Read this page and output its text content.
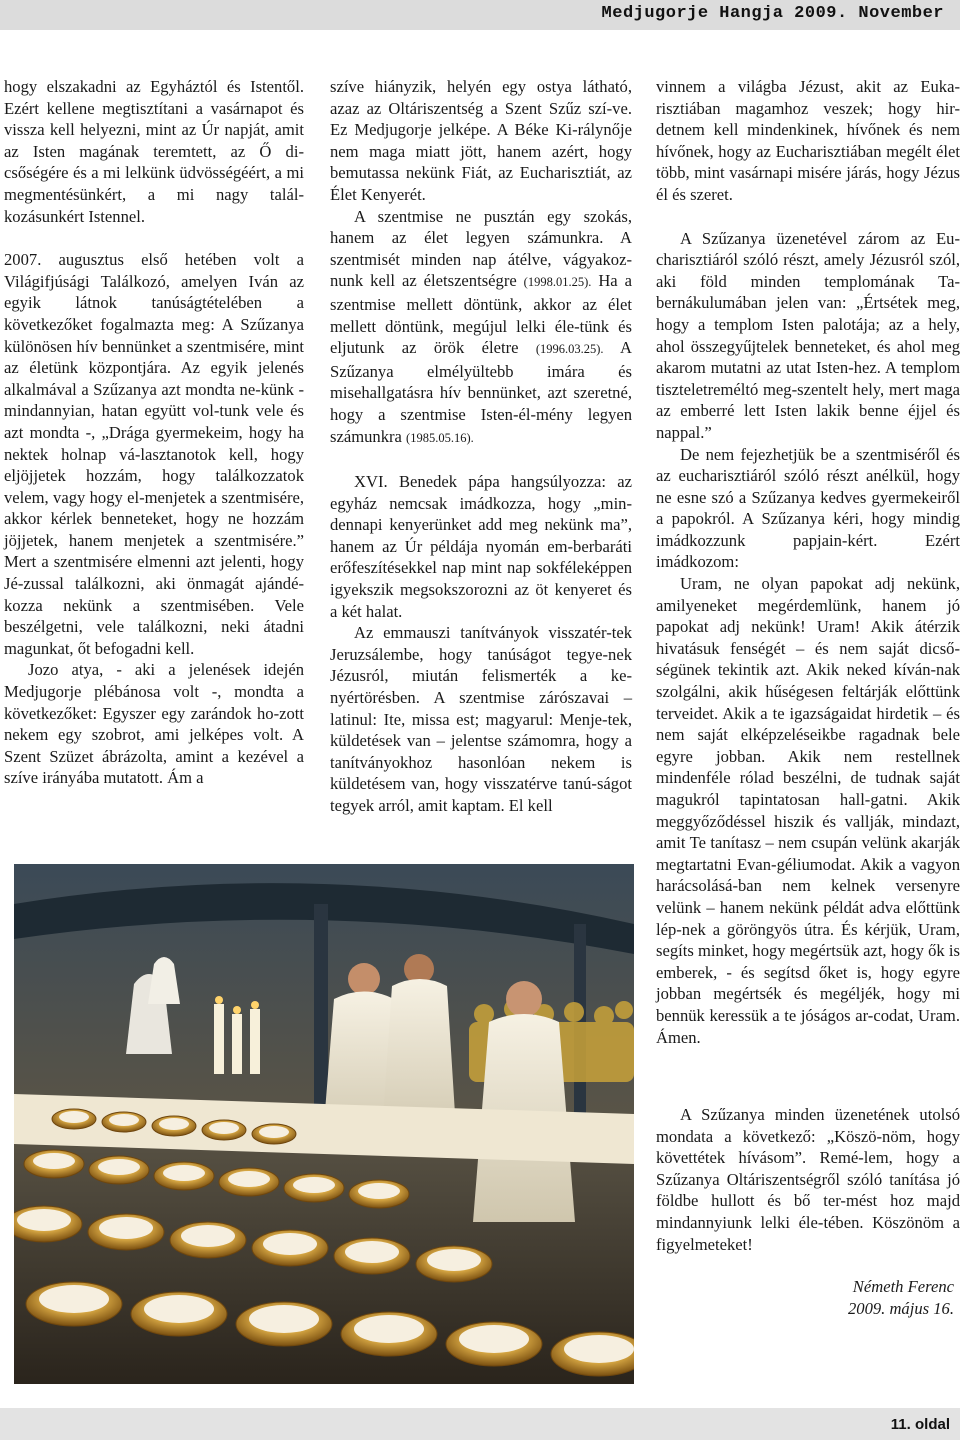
Medjugorje Hangja 2009. November

hogy elszakadni az Egyháztól és Istentől. Ezért kellene megtisztítani a vasárnapot és vissza kell helyezni, mint az Úr napját, amit az Isten magának teremtett, az Ő di-csőségére és a mi lelkünk üdvösségéért, a mi megmentésünkért, a mi nagy talál-kozásunkért Istennel.

2007. augusztus első hetében volt a Világifjúsági Találkozó, amelyen Iván az egyik látnok tanúságtételében a következőket fogalmazta meg: A Szűzanya különösen hív bennünket a szentmisére, mint az életünk központjára. Az egyik jelenés alkalmával a Szűzanya azt mondta ne-künk - mindannyian, hatan együtt vol-tunk vele és azt mondta -, „Drága gyermekeim, hogy ha nektek holnap vá-lasztanotok kell, hogy eljöjjetek hozzám, hogy találkozzatok velem, vagy hogy el-menjetek a szentmisére, akkor kérlek benneteket, hogy ne hozzám jöjjetek, hanem menjetek a szentmisére.” Mert a szentmisére elmenni azt jelenti, hogy Jé-zussal találkozni, aki önmagát ajándé-kozza nekünk a szentmisében. Vele beszélgetni, vele találkozni, neki átadni magunkat, őt befogadni kell.

Jozo atya, - aki a jelenések idején Medjugorje plébánosa volt -, mondta a következőket: Egyszer egy zarándok ho-zott nekem egy szobrot, ami jelképes volt. A Szent Szüzet ábrázolta, amint a kezével a szíve irányába mutatott. Ám a

szíve hiányzik, helyén egy ostya látható, azaz az Oltáriszentség a Szent Szűz szí-ve. Ez Medjugorje jelképe. A Béke Ki-rálynője nem maga miatt jött, hanem azért, hogy bemutassa nekünk Fiát, az Eucharisztiát, az Élet Kenyerét.

A szentmise ne pusztán egy szokás, hanem az élet legyen számunkra. A szentmisét minden nap átélve, vágyakoz-nunk kell az életszentségre (1998.01.25). Ha a szentmise mellett döntünk, akkor az élet mellett döntünk, megújul lelki éle-tünk és eljutunk az örök életre (1996.03.25). A Szűzanya elmélyültebb imára és misehallgatásra hív bennünket, azt szeretné, hogy a szentmise Isten-él-mény legyen számunkra (1985.05.16).

XVI. Benedek pápa hangsúlyozza: az egyház nemcsak imádkozza, hogy „min-dennapi kenyerünket add meg nekünk ma”, hanem az Úr példája nyomán em-berbaráti erőfeszítésekkel nap mint nap sokféleképpen igyekszik megsokszorozni az öt kenyeret és a két halat.

Az emmauszi tanítványok visszatér-tek Jeruzsálembe, hogy tanúságot tegye-nek Jézusról, miután felismerték a ke-nyértörésben. A szentmise zárószavai – latinul: Ite, missa est; magyarul: Menje-tek, küldetések van – jelentse számomra, hogy a tanítványokhoz hasonlóan nekem is küldetésem van, hogy visszatérve tanú-ságot tegyek arról, amit kaptam. El kell

vinnem a világba Jézust, akit az Euka-risztiában magamhoz veszek; hogy hir-detnem kell mindenkinek, hívőnek és nem hívőnek, hogy az Eucharisztiában megélt élet több, mint vasárnapi misére járás, hogy Jézus él és szeret.

A Szűzanya üzenetével zárom az Eu-charisztiáról szóló részt, amely Jézusról szól, aki föld minden templomának Ta-bernákulumában jelen van: „Értsétek meg, hogy a templom Isten palotája; az a hely, ahol összegyűjtelek benneteket, és ahol meg akarom mutatni az utat Isten-hez. A templom tiszteletreméltó meg-szentelt hely, mert maga az emberré lett Isten lakik benne éjjel és nappal.”

De nem fejezhetjük be a szentmiséről és az eucharisztiáról szóló részt anélkül, hogy ne esne szó a Szűzanya kedves gyermekeiről a papokról. A Szűzanya kéri, hogy mindig imádkozzunk papjain-kért. Ezért imádkozom:

Uram, ne olyan papokat adj nekünk, amilyeneket megérdemlünk, hanem jó papokat adj nekünk! Uram! Akik átérzik hivatásuk fenségét – és nem saját dicső-ségünek tekintik azt. Akik neked kíván-nak szolgálni, akik hűségesen feltárják előttünk terveidet. Akik a te igazságaidat hirdetik – és nem saját elképzeléseikbe ragadnak bele egyre jobban. Akik nem restellnek mindenféle rólad beszélni, de tudnak saját magukról tapintatosan hall-gatni. Akik meggyőződéssel hiszik és vallják, mindazt, amit Te tanítasz – nem csupán velünk akarják megtartatni Evan-géliumodat. Akik a vagyon harácsolásá-ban nem kelnek versenyre velünk – hanem nekünk példát adva előttünk lép-nek a göröngyös útra. És kérjük, Uram, segíts minket, hogy megértsük azt, hogy ők is emberek, - és segítsd őket is, hogy egyre jobban megértsék és megéljék, hogy mi bennük keressük a te jóságos ar-codat, Uram. Ámen.

A Szűzanya minden üzenetének utolsó mondata a következő: „Köszö-nöm, hogy követtétek hívásom”. Remé-lem, hogy a Szűzanya Oltáriszentségről szóló tanítása jó földbe hullott és bő ter-mést hoz majd mindannyiunk lelki éle-tében. Köszönöm a figyelmeteket!

Németh Ferenc
2009. május 16.
11. oldal
